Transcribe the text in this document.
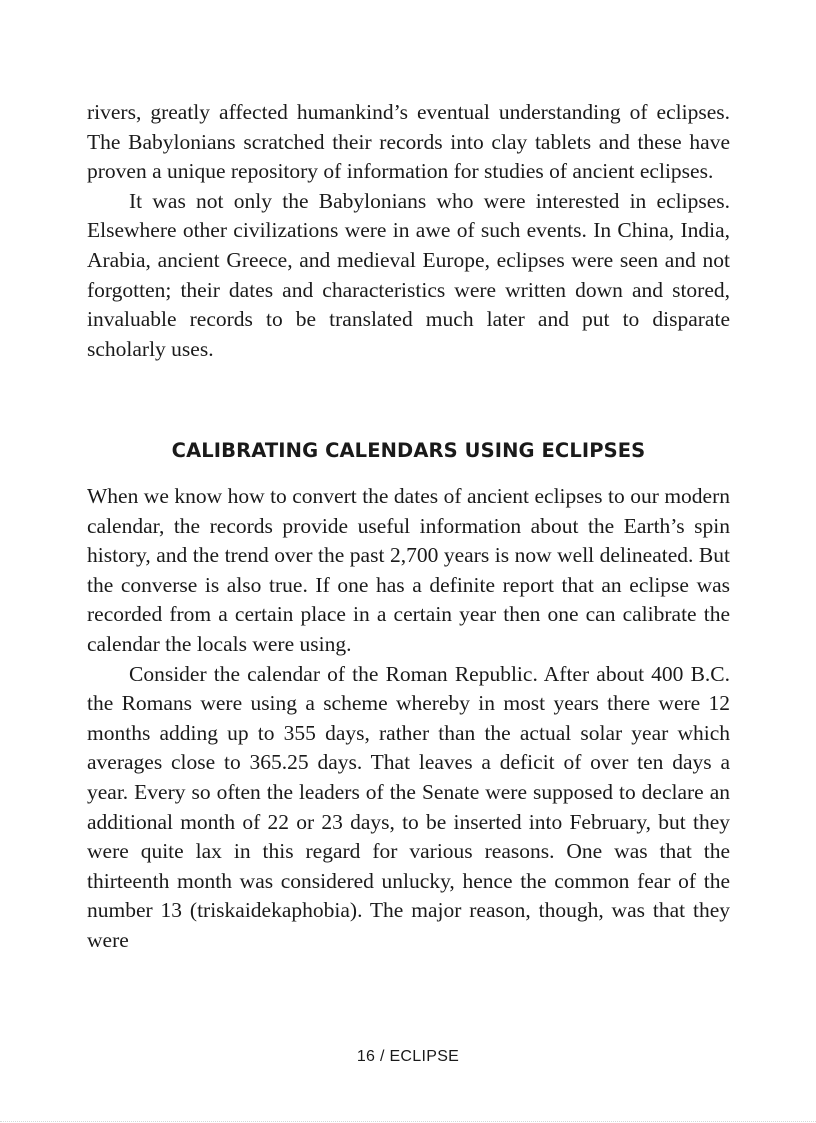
rivers, greatly affected humankind’s eventual understanding of eclipses. The Babylonians scratched their records into clay tablets and these have proven a unique repository of information for studies of ancient eclipses.

It was not only the Babylonians who were interested in eclipses. Elsewhere other civilizations were in awe of such events. In China, India, Arabia, ancient Greece, and medieval Europe, eclipses were seen and not forgotten; their dates and characteristics were written down and stored, invaluable records to be translated much later and put to disparate scholarly uses.

CALIBRATING CALENDARS USING ECLIPSES

When we know how to convert the dates of ancient eclipses to our modern calendar, the records provide useful information about the Earth’s spin history, and the trend over the past 2,700 years is now well delineated. But the converse is also true. If one has a definite report that an eclipse was recorded from a certain place in a certain year then one can calibrate the calendar the locals were using.

Consider the calendar of the Roman Republic. After about 400 B.C. the Romans were using a scheme whereby in most years there were 12 months adding up to 355 days, rather than the actual solar year which averages close to 365.25 days. That leaves a deficit of over ten days a year. Every so often the leaders of the Senate were supposed to declare an additional month of 22 or 23 days, to be inserted into February, but they were quite lax in this regard for various reasons. One was that the thirteenth month was considered unlucky, hence the common fear of the number 13 (triskaidekaphobia). The major reason, though, was that they were

16 / ECLIPSE
